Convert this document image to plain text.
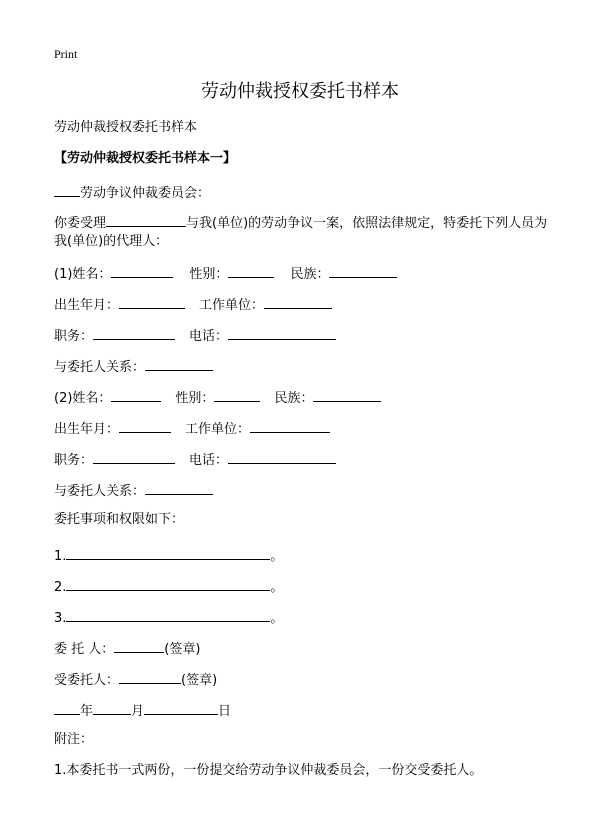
Print
劳动仲裁授权委托书样本
劳动仲裁授权委托书样本
【劳动仲裁授权委托书样本一】
劳动争议仲裁委员会：
你委受理	与我(单位)的劳动争议一案，依照法律规定，特委托下列人员为我(单位)的代理人：
(1)姓名：	性别：	民族：
出生年月：	工作单位：
职务：	电话：
与委托人关系：
(2)姓名：	性别：	民族：
出生年月：	工作单位：
职务：	电话：
与委托人关系：
委托事项和权限如下：
1.	。
2.	。
3.	。
委 托 人：	(签章)
受委托人：	(签章)
年	月	日
附注：
1.本委托书一式两份，一份提交给劳动争议仲裁委员会，一份交受委托人。
